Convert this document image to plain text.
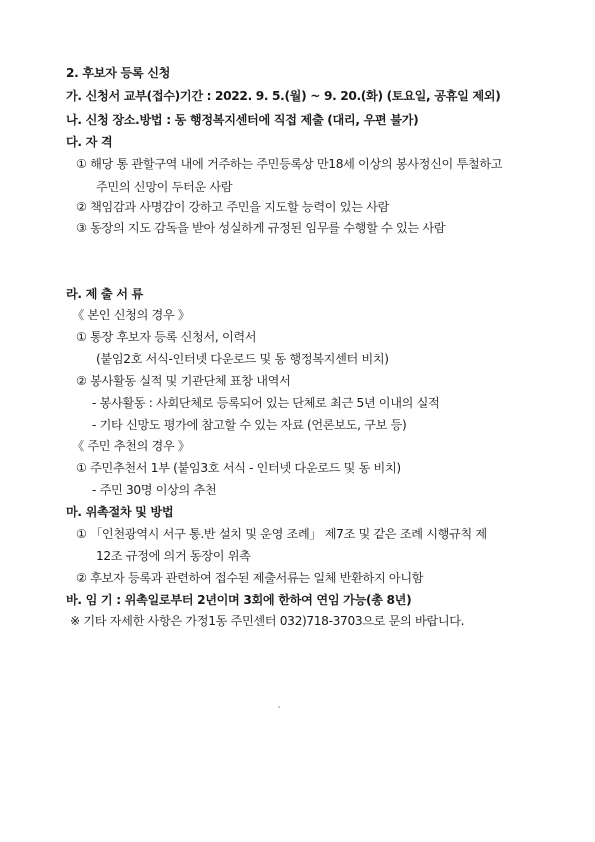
2. 후보자 등록 신청
가. 신청서 교부(접수)기간 : 2022. 9. 5.(월) ~ 9. 20.(화) (토요일, 공휴일 제외)
나. 신청 장소.방법 : 동 행정복지센터에 직접 제출 (대리, 우편 불가)
다. 자 격
① 해당 통 관할구역 내에 거주하는 주민등록상 만18세 이상의 봉사정신이 투철하고
주민의 신망이 두터운 사람
② 책임감과 사명감이 강하고 주민을 지도할 능력이 있는 사람
③ 동장의 지도 감독을 받아 성실하게 규정된 임무를 수행할 수 있는 사람
라. 제 출 서 류
《 본인 신청의 경우 》
① 통장 후보자 등록 신청서, 이력서
(붙임2호 서식-인터넷 다운로드 및 동 행정복지센터 비치)
② 봉사활동 실적 및 기관단체 표창 내역서
- 봉사활동 : 사회단체로 등록되어 있는 단체로 최근 5년 이내의 실적
- 기타 신망도 평가에 참고할 수 있는 자료 (언론보도, 구보 등)
《 주민 추천의 경우 》
① 주민추천서 1부 (붙임3호 서식 - 인터넷 다운로드 및 동 비치)
- 주민 30명 이상의 추천
마. 위촉절차 및 방법
① 「인천광역시 서구 통.반 설치 및 운영 조례」 제7조 및 같은 조례 시행규칙 제
12조 규정에 의거 동장이 위촉
② 후보자 등록과 관련하여 접수된 제출서류는 일체 반환하지 아니함
바. 임 기 : 위촉일로부터 2년이며 3회에 한하여 연임 가능(총 8년)
※ 기타 자세한 사항은 가정1동 주민센터 032)718-3703으로 문의 바랍니다.
